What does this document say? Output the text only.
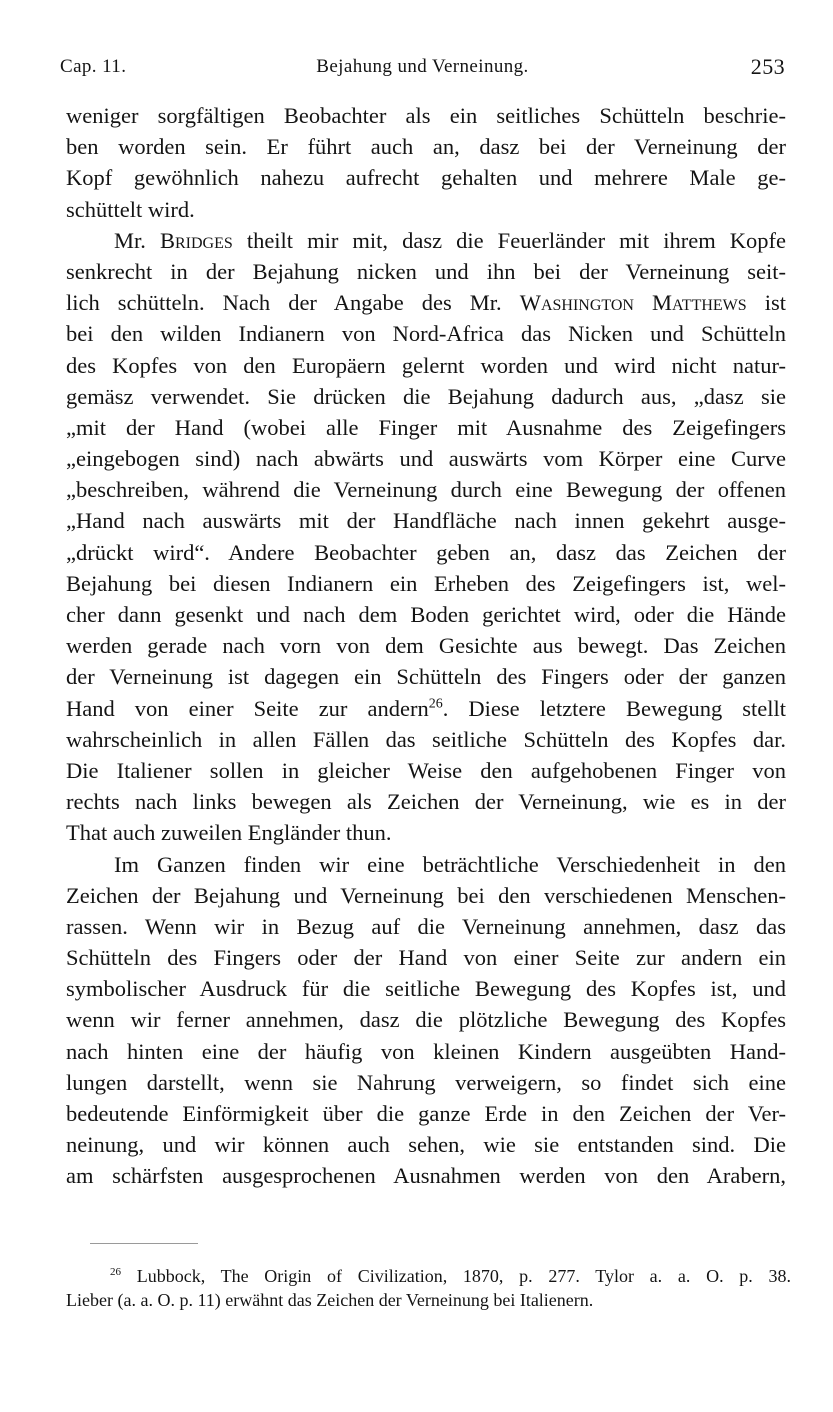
Cap. 11.	Bejahung und Verneinung.	253
weniger sorgfältigen Beobachter als ein seitliches Schütteln beschrie-
ben worden sein. Er führt auch an, dasz bei der Verneinung der
Kopf gewöhnlich nahezu aufrecht gehalten und mehrere Male ge-
schüttelt wird.
Mr. Bridges theilt mir mit, dasz die Feuerländer mit ihrem Kopfe
senkrecht in der Bejahung nicken und ihn bei der Verneinung seit-
lich schütteln. Nach der Angabe des Mr. Washington Matthews ist
bei den wilden Indianern von Nord-Africa das Nicken und Schütteln
des Kopfes von den Europäern gelernt worden und wird nicht natur-
gemäsz verwendet. Sie drücken die Bejahung dadurch aus, „dasz sie
„mit der Hand (wobei alle Finger mit Ausnahme des Zeigefingers
„eingebogen sind) nach abwärts und auswärts vom Körper eine Curve
„beschreiben, während die Verneinung durch eine Bewegung der offenen
„Hand nach auswärts mit der Handfläche nach innen gekehrt ausge-
„drückt wird“. Andere Beobachter geben an, dasz das Zeichen der
Bejahung bei diesen Indianern ein Erheben des Zeigefingers ist, wel-
cher dann gesenkt und nach dem Boden gerichtet wird, oder die Hände
werden gerade nach vorn von dem Gesichte aus bewegt. Das Zeichen
der Verneinung ist dagegen ein Schütteln des Fingers oder der ganzen
Hand von einer Seite zur andern$^{26}$. Diese letztere Bewegung stellt
wahrscheinlich in allen Fällen das seitliche Schütteln des Kopfes dar.
Die Italiener sollen in gleicher Weise den aufgehobenen Finger von
rechts nach links bewegen als Zeichen der Verneinung, wie es in der
That auch zuweilen Engländer thun.
Im Ganzen finden wir eine beträchtliche Verschiedenheit in den
Zeichen der Bejahung und Verneinung bei den verschiedenen Menschen-
rassen. Wenn wir in Bezug auf die Verneinung annehmen, dasz das
Schütteln des Fingers oder der Hand von einer Seite zur andern ein
symbolischer Ausdruck für die seitliche Bewegung des Kopfes ist, und
wenn wir ferner annehmen, dasz die plötzliche Bewegung des Kopfes
nach hinten eine der häufig von kleinen Kindern ausgeübten Hand-
lungen darstellt, wenn sie Nahrung verweigern, so findet sich eine
bedeutende Einförmigkeit über die ganze Erde in den Zeichen der Ver-
neinung, und wir können auch sehen, wie sie entstanden sind. Die
am schärfsten ausgesprochenen Ausnahmen werden von den Arabern,
$^{26}$ Lubbock, The Origin of Civilization, 1870, p. 277. Tylor a. a. O. p. 38.
Lieber (a. a. O. p. 11) erwähnt das Zeichen der Verneinung bei Italienern.
